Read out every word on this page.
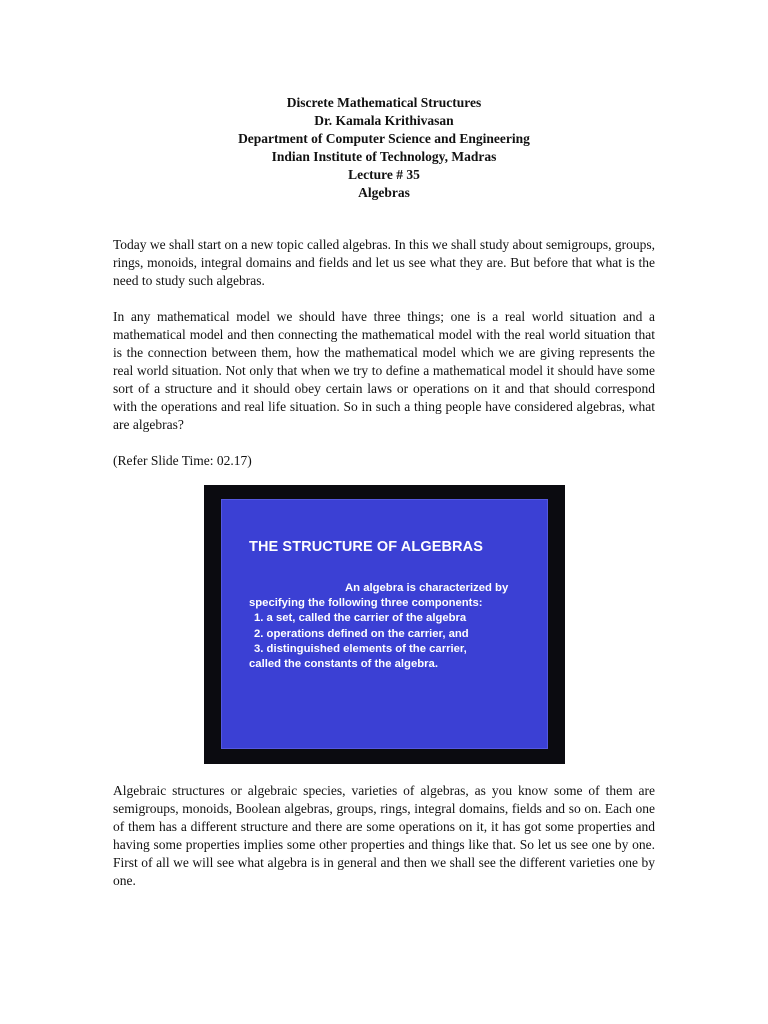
Discrete Mathematical Structures
Dr. Kamala Krithivasan
Department of Computer Science and Engineering
Indian Institute of Technology, Madras
Lecture # 35
Algebras

Today we shall start on a new topic called algebras. In this we shall study about semigroups, groups, rings, monoids, integral domains and fields and let us see what they are. But before that what is the need to study such algebras.

In any mathematical model we should have three things; one is a real world situation and a mathematical model and then connecting the mathematical model with the real world situation that is the connection between them, how the mathematical model which we are giving represents the real world situation. Not only that when we try to define a mathematical model it should have some sort of a structure and it should obey certain laws or operations on it and that should correspond with the operations and real life situation. So in such a thing people have considered algebras, what are algebras?

(Refer Slide Time: 02.17)

THE STRUCTURE OF ALGEBRAS
An algebra is characterized by
specifying the following three components:
1. a set, called the carrier of the algebra
2. operations defined on the carrier, and
3. distinguished elements of the carrier,
called the constants of the algebra.

Algebraic structures or algebraic species, varieties of algebras, as you know some of them are semigroups, monoids, Boolean algebras, groups, rings, integral domains, fields and so on. Each one of them has a different structure and there are some operations on it, it has got some properties and having some properties implies some other properties and things like that. So let us see one by one. First of all we will see what algebra is in general and then we shall see the different varieties one by one.
